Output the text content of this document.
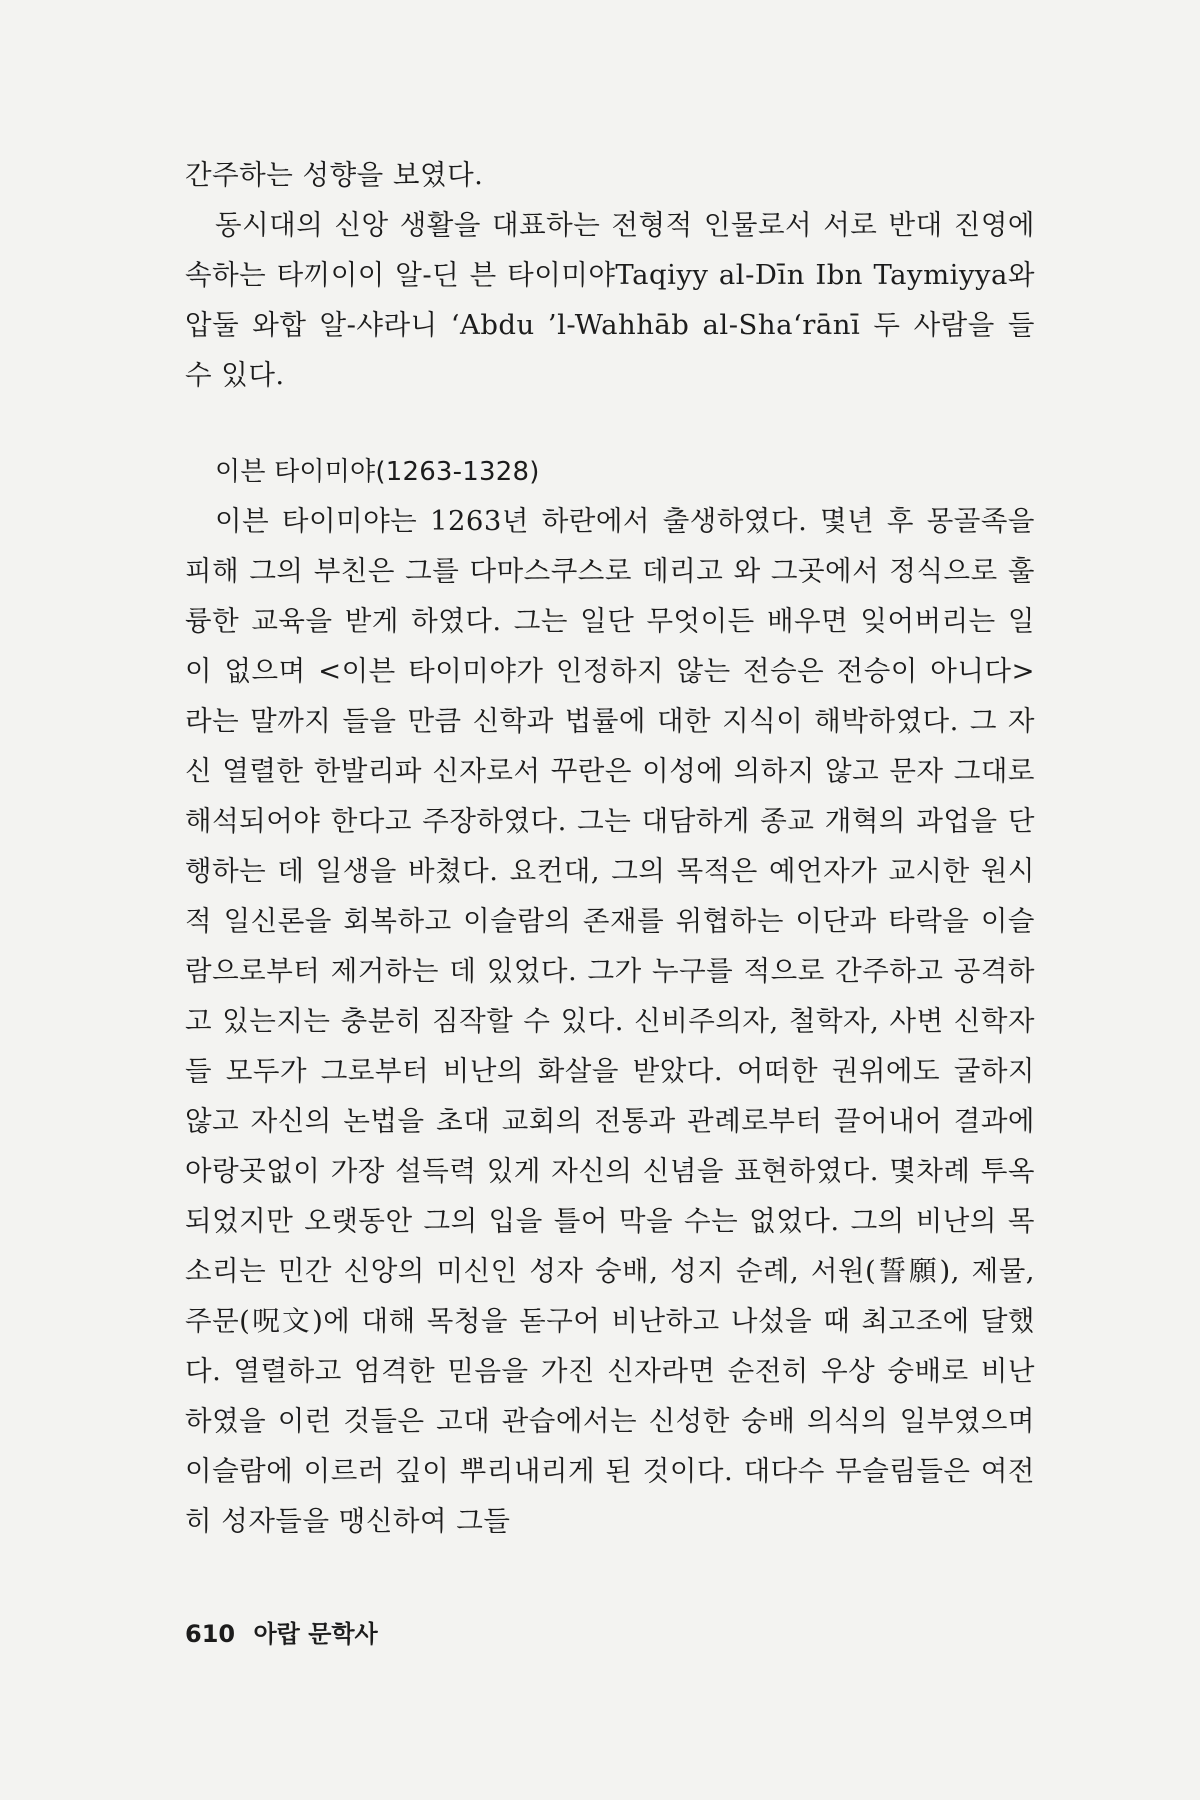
간주하는 성향을 보였다.

동시대의 신앙 생활을 대표하는 전형적 인물로서 서로 반대 진영에 속하는 타끼이이 알-딘 븐 타이미야Taqiyy al-Dīn Ibn Taymiyya와 압둘 와합 알-샤라니 ‘Abdu ’l-Wahhāb al-Sha‘rānī 두 사람을 들 수 있다.

이븐 타이미야(1263-1328)

이븐 타이미야는 1263년 하란에서 출생하였다. 몇년 후 몽골족을 피해 그의 부친은 그를 다마스쿠스로 데리고 와 그곳에서 정식으로 훌륭한 교육을 받게 하였다. 그는 일단 무엇이든 배우면 잊어버리는 일이 없으며 <이븐 타이미야가 인정하지 않는 전승은 전승이 아니다>라는 말까지 들을 만큼 신학과 법률에 대한 지식이 해박하였다. 그 자신 열렬한 한발리파 신자로서 꾸란은 이성에 의하지 않고 문자 그대로 해석되어야 한다고 주장하였다. 그는 대담하게 종교 개혁의 과업을 단행하는 데 일생을 바쳤다. 요컨대, 그의 목적은 예언자가 교시한 원시적 일신론을 회복하고 이슬람의 존재를 위협하는 이단과 타락을 이슬람으로부터 제거하는 데 있었다. 그가 누구를 적으로 간주하고 공격하고 있는지는 충분히 짐작할 수 있다. 신비주의자, 철학자, 사변 신학자들 모두가 그로부터 비난의 화살을 받았다. 어떠한 권위에도 굴하지 않고 자신의 논법을 초대 교회의 전통과 관례로부터 끌어내어 결과에 아랑곳없이 가장 설득력 있게 자신의 신념을 표현하였다. 몇차례 투옥되었지만 오랫동안 그의 입을 틀어 막을 수는 없었다. 그의 비난의 목소리는 민간 신앙의 미신인 성자 숭배, 성지 순례, 서원(誓願), 제물, 주문(呪文)에 대해 목청을 돋구어 비난하고 나섰을 때 최고조에 달했다. 열렬하고 엄격한 믿음을 가진 신자라면 순전히 우상 숭배로 비난하였을 이런 것들은 고대 관습에서는 신성한 숭배 의식의 일부였으며 이슬람에 이르러 깊이 뿌리내리게 된 것이다. 대다수 무슬림들은 여전히 성자들을 맹신하여 그들

610 아랍 문학사
